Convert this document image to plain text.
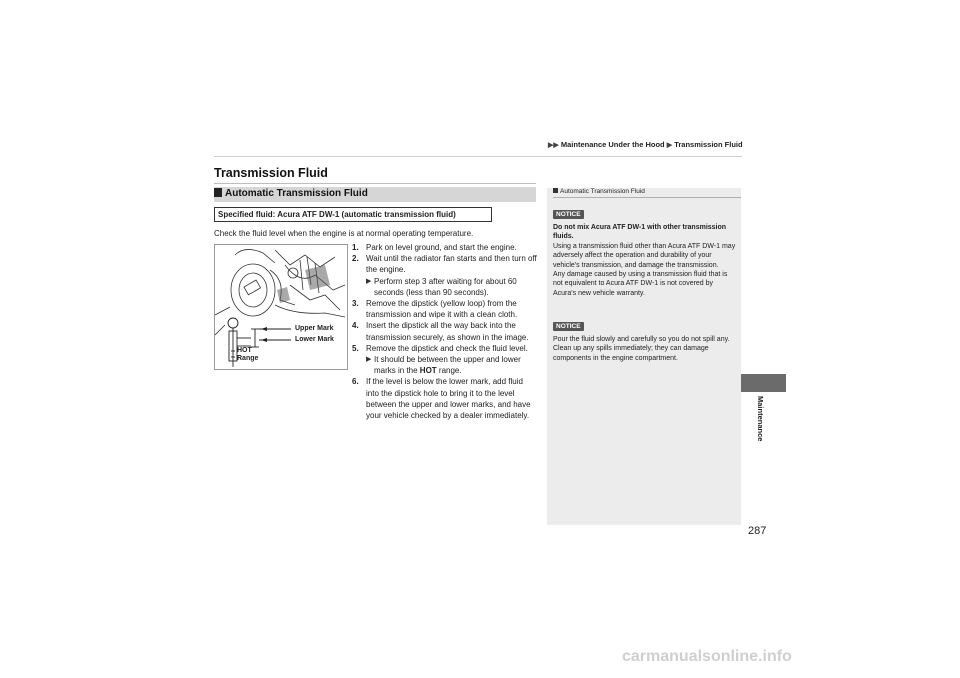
▶▶ Maintenance Under the Hood ▶ Transmission Fluid
Transmission Fluid
Automatic Transmission Fluid
Specified fluid: Acura ATF DW-1 (automatic transmission fluid)
Check the fluid level when the engine is at normal operating temperature.
Upper Mark
Lower Mark
HOT
Range
1. Park on level ground, and start the engine.
2. Wait until the radiator fan starts and then turn off the engine.
▶ Perform step 3 after waiting for about 60 seconds (less than 90 seconds).
3. Remove the dipstick (yellow loop) from the transmission and wipe it with a clean cloth.
4. Insert the dipstick all the way back into the transmission securely, as shown in the image.
5. Remove the dipstick and check the fluid level.
▶ It should be between the upper and lower marks in the HOT range.
6. If the level is below the lower mark, add fluid into the dipstick hole to bring it to the level between the upper and lower marks, and have your vehicle checked by a dealer immediately.
Automatic Transmission Fluid
NOTICE
Do not mix Acura ATF DW-1 with other transmission fluids.
Using a transmission fluid other than Acura ATF DW-1 may adversely affect the operation and durability of your vehicle's transmission, and damage the transmission.
Any damage caused by using a transmission fluid that is not equivalent to Acura ATF DW-1 is not covered by Acura's new vehicle warranty.
NOTICE
Pour the fluid slowly and carefully so you do not spill any. Clean up any spills immediately; they can damage components in the engine compartment.
Maintenance
287
carmanualsonline.info
